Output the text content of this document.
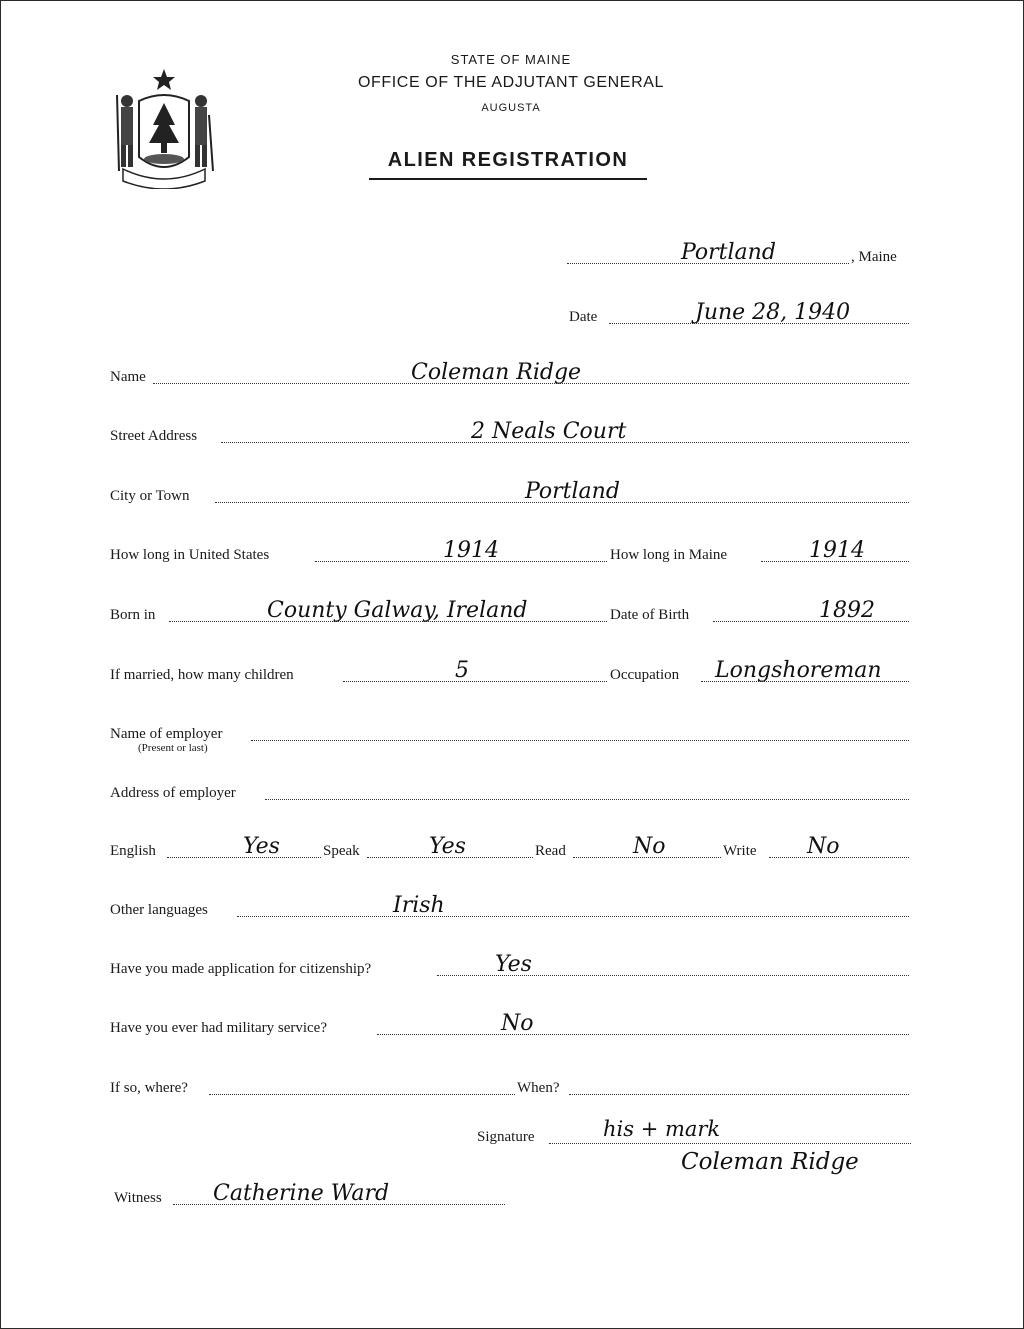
STATE OF MAINE
OFFICE OF THE ADJUTANT GENERAL
AUGUSTA
ALIEN REGISTRATION
Portland	, Maine
Date	June 28, 1940
Name	Coleman Ridge
Street Address	2 Neals Court
City or Town	Portland
How long in United States	1914	How long in Maine	1914
Born in	County Galway, Ireland	Date of Birth	1892
If married, how many children	5	Occupation Longshoreman
Name of employer
(Present or last)
Address of employer
English	Yes	Speak	Yes	Read	No	Write No
Other languages	Irish
Have you made application for citizenship?	Yes
Have you ever had military service?	No
If so, where?	When?
Signature	his + mark
Coleman Ridge
Witness Catherine Ward
